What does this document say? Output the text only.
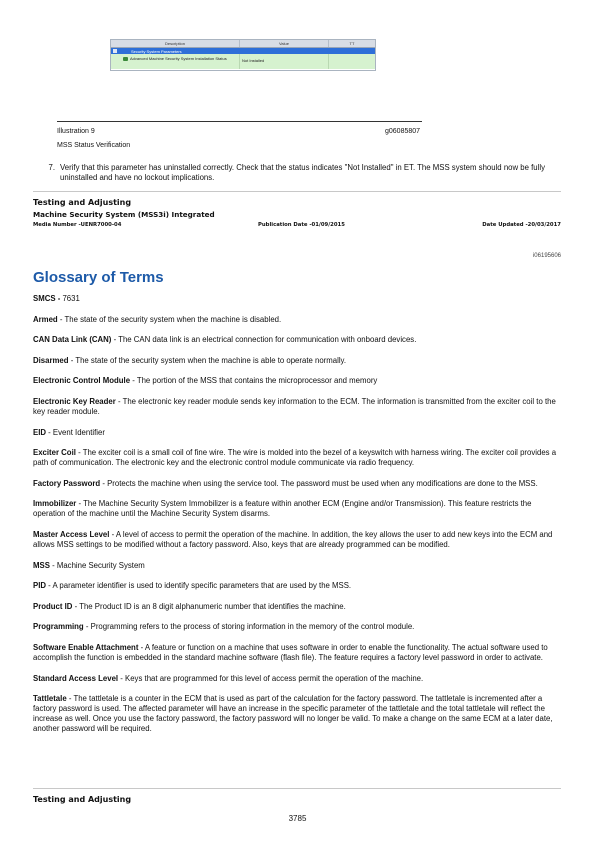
Description	Value	TT
Security System Parameters
Advanced Machine Security System Installation Status	Not Installed
Illustration 9	g06085807
MSS Status Verification
7. Verify that this parameter has uninstalled correctly. Check that the status indicates "Not Installed" in ET. The MSS system should now be fully uninstalled and have no lockout implications.
Testing and Adjusting
Machine Security System (MSS3i) Integrated
Media Number -UENR7000-04	Publication Date -01/09/2015	Date Updated -20/03/2017
i06195606
Glossary of Terms
SMCS - 7631
Armed - The state of the security system when the machine is disabled.
CAN Data Link (CAN) - The CAN data link is an electrical connection for communication with onboard devices.
Disarmed - The state of the security system when the machine is able to operate normally.
Electronic Control Module - The portion of the MSS that contains the microprocessor and memory
Electronic Key Reader - The electronic key reader module sends key information to the ECM. The information is transmitted from the exciter coil to the key reader module.
EID - Event Identifier
Exciter Coil - The exciter coil is a small coil of fine wire. The wire is molded into the bezel of a keyswitch with harness wiring. The exciter coil provides a path of communication. The electronic key and the electronic control module communicate via radio frequency.
Factory Password - Protects the machine when using the service tool. The password must be used when any modifications are done to the MSS.
Immobilizer - The Machine Security System Immobilizer is a feature within another ECM (Engine and/or Transmission). This feature restricts the operation of the machine until the Machine Security System disarms.
Master Access Level - A level of access to permit the operation of the machine. In addition, the key allows the user to add new keys into the ECM and allows MSS settings to be modified without a factory password. Also, keys that are already programmed can be modified.
MSS - Machine Security System
PID - A parameter identifier is used to identify specific parameters that are used by the MSS.
Product ID - The Product ID is an 8 digit alphanumeric number that identifies the machine.
Programming - Programming refers to the process of storing information in the memory of the control module.
Software Enable Attachment - A feature or function on a machine that uses software in order to enable the functionality. The actual software used to accomplish the function is embedded in the standard machine software (flash file). The feature requires a factory level password in order to activate.
Standard Access Level - Keys that are programmed for this level of access permit the operation of the machine.
Tattletale - The tattletale is a counter in the ECM that is used as part of the calculation for the factory password. The tattletale is incremented after a factory password is used. The affected parameter will have an increase in the specific parameter of the tattletale and the total tattletale will reflect the increase as well. Once you use the factory password, the factory password will no longer be valid. To make a change on the same ECM at a later date, another password will be required.
Testing and Adjusting
3785
